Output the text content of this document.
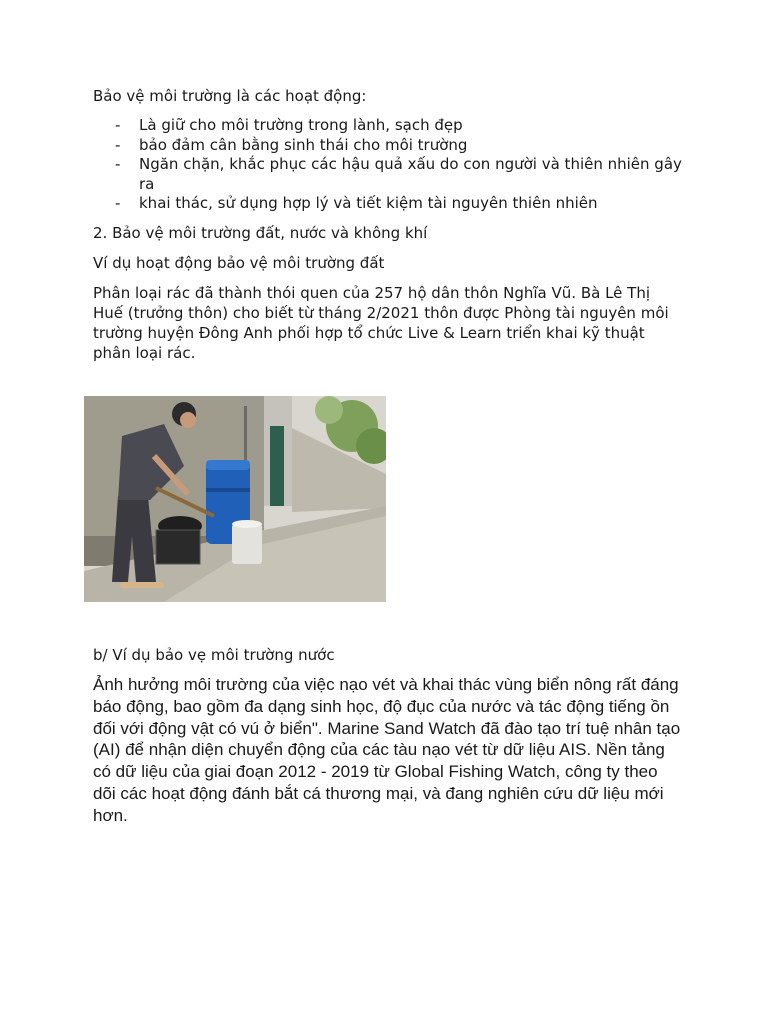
Bảo vệ môi trường là các hoạt động:

- Là giữ cho môi trường trong lành, sạch đẹp
- bảo đảm cân bằng sinh thái cho môi trường
- Ngăn chặn, khắc phục các hậu quả xấu do con người và thiên nhiên gây ra
- khai thác, sử dụng hợp lý và tiết kiệm tài nguyên thiên nhiên

2. Bảo vệ môi trường đất, nước và không khí

Ví dụ hoạt động bảo vệ môi trường đất

Phân loại rác đã thành thói quen của 257 hộ dân thôn Nghĩa Vũ. Bà Lê Thị Huế (trưởng thôn) cho biết từ tháng 2/2021 thôn được Phòng tài nguyên môi trường huyện Đông Anh phối hợp tổ chức Live & Learn triển khai kỹ thuật phân loại rác.

b/ Ví dụ bảo vẹ môi trường nước

Ảnh hưởng môi trường của việc nạo vét và khai thác vùng biển nông rất đáng báo động, bao gồm đa dạng sinh học, độ đục của nước và tác động tiếng ồn đối với động vật có vú ở biển". Marine Sand Watch đã đào tạo trí tuệ nhân tạo (AI) để nhận diện chuyển động của các tàu nạo vét từ dữ liệu AIS. Nền tảng có dữ liệu của giai đoạn 2012 - 2019 từ Global Fishing Watch, công ty theo dõi các hoạt động đánh bắt cá thương mại, và đang nghiên cứu dữ liệu mới hơn.
